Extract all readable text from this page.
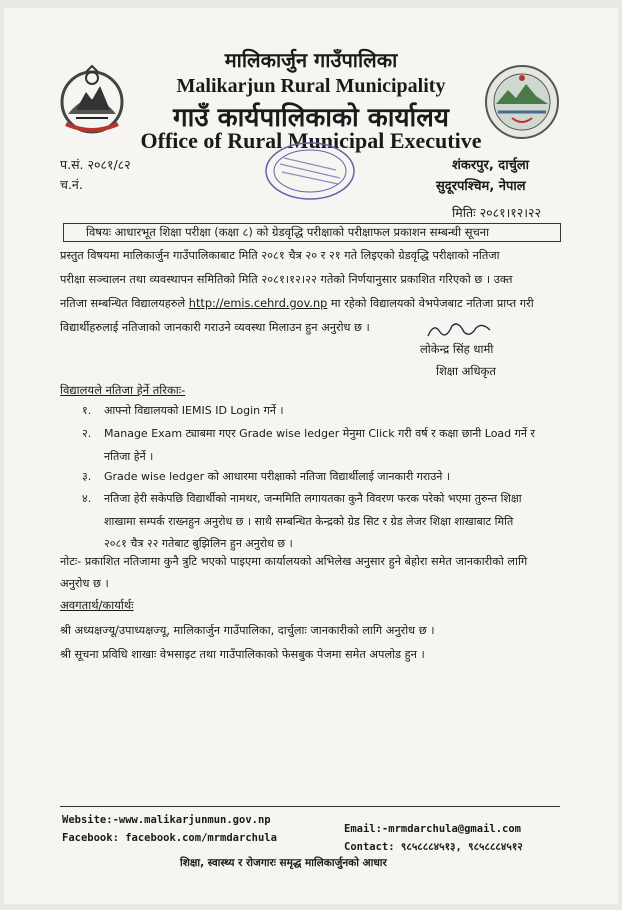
मालिकार्जुन गाउँपालिका
Malikarjun Rural Municipality
गाउँ कार्यपालिकाको कार्यालय
Office of Rural Municipal Executive
प.सं. २०८१/८२
च.नं.
शंकरपुर, दार्चुला
सुदूरपश्चिम, नेपाल
मितिः २०८१।१२।२२
विषयः आधारभूत शिक्षा परीक्षा (कक्षा ८) को ग्रेडवृद्धि परीक्षाको परीक्षाफल प्रकाशन सम्बन्धी सूचना
प्रस्तुत विषयमा मालिकार्जुन गाउँपालिकाबाट मिति २०८१ चैत्र २० र २१ गते लिइएको ग्रेडवृद्धि परीक्षाको नतिजा
परीक्षा सञ्चालन तथा व्यवस्थापन समितिको मिति २०८१।१२।२२ गतेको निर्णयानुसार प्रकाशित गरिएको छ । उक्त
नतिजा सम्बन्धित विद्यालयहरुले http://emis.cehrd.gov.np मा रहेको विद्यालयको वेभपेजबाट नतिजा प्राप्त गरी
विद्यार्थीहरुलाई नतिजाको जानकारी गराउने व्यवस्था मिलाउन हुन अनुरोध छ ।
लोकेन्द्र सिंह धामी
शिक्षा अधिकृत
विद्यालयले नतिजा हेर्ने तरिकाः-
१. आफ्नो विद्यालयको IEMIS ID Login गर्ने ।
२. Manage Exam ट्याबमा गएर Grade wise ledger मेनुमा Click गरी वर्ष र कक्षा छानी Load गर्ने र
नतिजा हेर्ने ।
३. Grade wise ledger को आधारमा परीक्षाको नतिजा विद्यार्थीलाई जानकारी गराउने ।
४. नतिजा हेरी सकेपछि विद्यार्थीको नामथर, जन्ममिति लगायतका कुनै विवरण फरक परेको भएमा तुरुन्त शिक्षा
शाखामा सम्पर्क राख्नहुन अनुरोध छ । साथै सम्बन्धित केन्द्रको ग्रेड सिट र ग्रेड लेजर शिक्षा शाखाबाट मिति
२०८१ चैत्र २२ गतेबाट बुझिलिन हुन अनुरोध छ ।
नोटः- प्रकाशित नतिजामा कुनै त्रुटि भएको पाइएमा कार्यालयको अभिलेख अनुसार हुने बेहोरा समेत जानकारीको लागि
अनुरोध छ ।
अवगतार्थ/कार्यार्थः
श्री अध्यक्षज्यू/उपाध्यक्षज्यू, मालिकार्जुन गाउँपालिका, दार्चुलाः जानकारीको लागि अनुरोध छ ।
श्री सूचना प्रविधि शाखाः वेभसाइट तथा गाउँपालिकाको फेसबुक पेजमा समेत अपलोड हुन ।
Website:-www.malikarjunmun.gov.np
Facebook: facebook.com/mrmdarchula
Email:-mrmdarchula@gmail.com
Contact: ९८५८८८४५१३, ९८५८८८४५१२
शिक्षा, स्वास्थ्य र रोजगारः समृद्ध मालिकार्जुनको आधार
